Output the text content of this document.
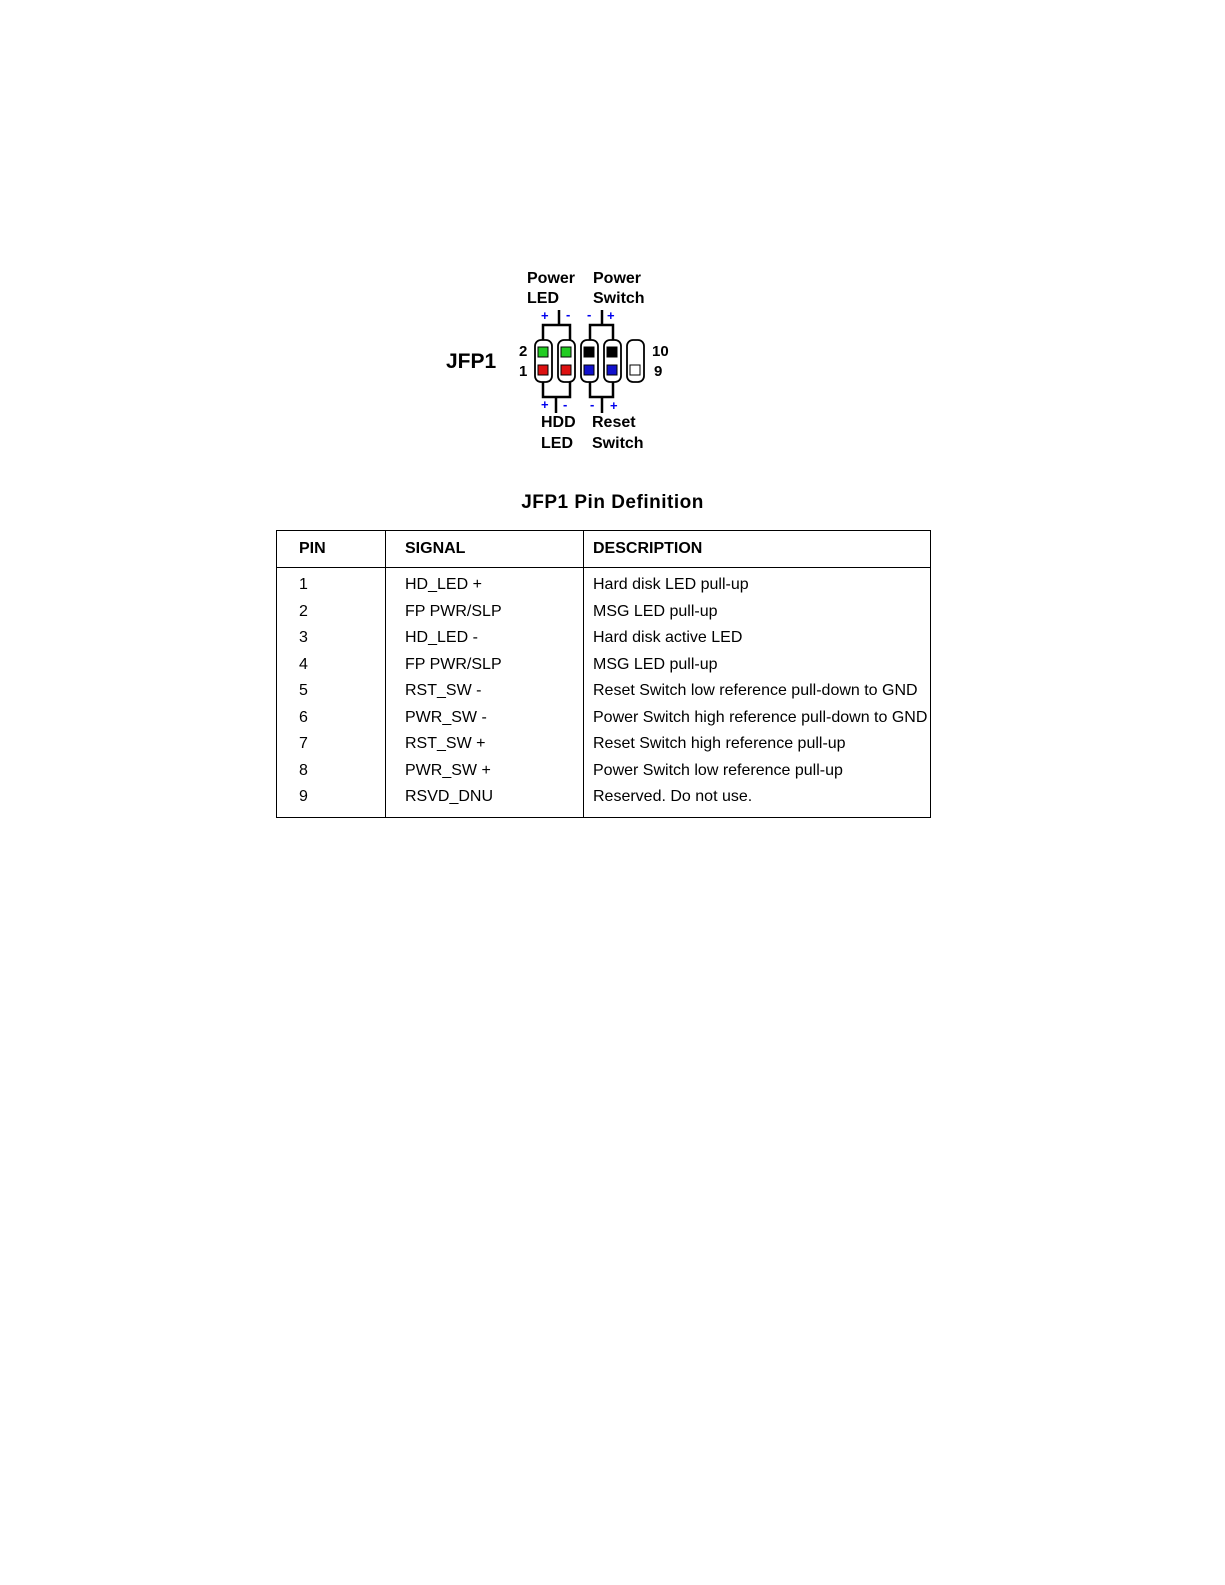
Power
LED
Power
Switch
+ - - +
JFP1 2
1
10
9
+ - - +
HDD
LED
Reset
Switch
JFP1 Pin Definition
PIN	SIGNAL	DESCRIPTION
1	HD_LED +	Hard disk LED pull-up
2	FP PWR/SLP	MSG LED pull-up
3	HD_LED -	Hard disk active LED
4	FP PWR/SLP	MSG LED pull-up
5	RST_SW -	Reset Switch low reference pull-down to GND
6	PWR_SW -	Power Switch high reference pull-down to GND
7	RST_SW +	Reset Switch high reference pull-up
8	PWR_SW +	Power Switch low reference pull-up
9	RSVD_DNU	Reserved. Do not use.
